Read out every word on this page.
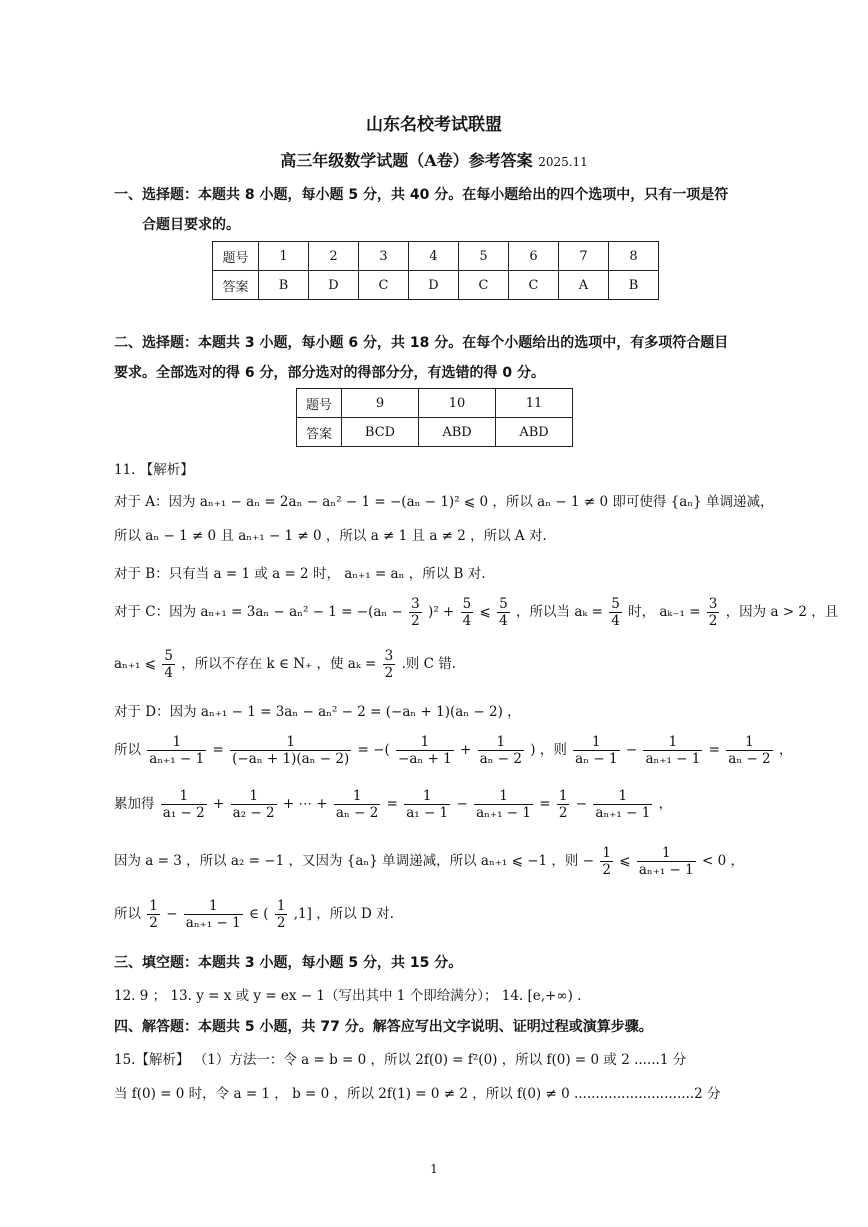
山东名校考试联盟
高三年级数学试题（A卷）参考答案 2025.11
一、选择题：本题共 8 小题，每小题 5 分，共 40 分。在每小题给出的四个选项中，只有一项是符
合题目要求的。
题号	1	2	3	4	5	6	7	8
答案	B	D	C	D	C	C	A	B
二、选择题：本题共 3 小题，每小题 6 分，共 18 分。在每个小题给出的选项中，有多项符合题目
要求。全部选对的得 6 分，部分选对的得部分分，有选错的得 0 分。
题号	9	10	11
答案	BCD	ABD	ABD
11. 【解析】
对于 A：因为 aₙ₊₁ − aₙ = 2aₙ − aₙ² − 1 = −(aₙ − 1)² ⩽ 0 ，所以 aₙ − 1 ≠ 0 即可使得 {aₙ} 单调递减，
所以 aₙ − 1 ≠ 0 且 aₙ₊₁ − 1 ≠ 0 ，所以 a ≠ 1 且 a ≠ 2 ，所以 A 对.
对于 B：只有当 a = 1 或 a = 2 时， aₙ₊₁ = aₙ ，所以 B 对.
对于 C：因为 $a_{n+1} = 3a_n - a_n^2 - 1 = -(a_n - \frac{3}{2} )^2 + \frac{5}{4}$ ⩽ $\frac{5}{4}$ ，所以当 $a_k = \frac{5}{4}$ 时， $a_{k-1} = \frac{3}{2}$ ，因为 a > 2 ，且
aₙ₊₁ ⩽ $\frac{5}{4}$ ，所以不存在 k ∈ N₊ ，使 $a_k = \frac{3}{2}$ .则 C 错.
对于 D：因为 aₙ₊₁ − 1 = 3aₙ − aₙ² − 2 = (−aₙ + 1)(aₙ − 2) ，
所以 $\frac{1}{\text{aₙ₊₁ − 1}} = \frac{1}{\text{(−aₙ + 1)(aₙ − 2)}}$ = −( $\frac{1}{\text{−aₙ + 1}} + \frac{1}{\text{aₙ − 2}}$ ) ，则 $\frac{1}{\text{aₙ − 1}} - \frac{1}{\text{aₙ₊₁ − 1}} = \frac{1}{\text{aₙ − 2}}$ ，
累加得 $\frac{1}{\text{a₁ − 2}} + \frac{1}{\text{a₂ − 2}}$ + ⋯ + $\frac{1}{\text{aₙ − 2}} = \frac{1}{\text{a₁ − 1}} - \frac{1}{\text{aₙ₊₁ − 1}} = \frac{1}{2} - \frac{1}{\text{aₙ₊₁ − 1}}$ ，
因为 a = 3 ，所以 a₂ = −1 ，又因为 {aₙ} 单调递减，所以 aₙ₊₁ ⩽ −1 ，则 − $\frac{1}{2}$ ⩽ $\frac{1}{\text{aₙ₊₁ − 1}} < 0$ ，
所以 $\frac{1}{2} - \frac{1}{\text{aₙ₊₁ − 1}}$ ∈ ( $\frac{1}{2} ,1$] ，所以 D 对.
三、填空题：本题共 3 小题，每小题 5 分，共 15 分。
12. 9 ； 13. y = x 或 y = ex − 1（写出其中 1 个即给满分）； 14. [e,+∞) .
四、解答题：本题共 5 小题，共 77 分。解答应写出文字说明、证明过程或演算步骤。
15.【解析】 （1）方法一：令 a = b = 0 ，所以 2f(0) = f²(0) ，所以 f(0) = 0 或 2 ......1 分
当 f(0) = 0 时，令 a = 1 ， b = 0 ，所以 2f(1) = 0 ≠ 2 ，所以 f(0) ≠ 0 ............................2 分
1
